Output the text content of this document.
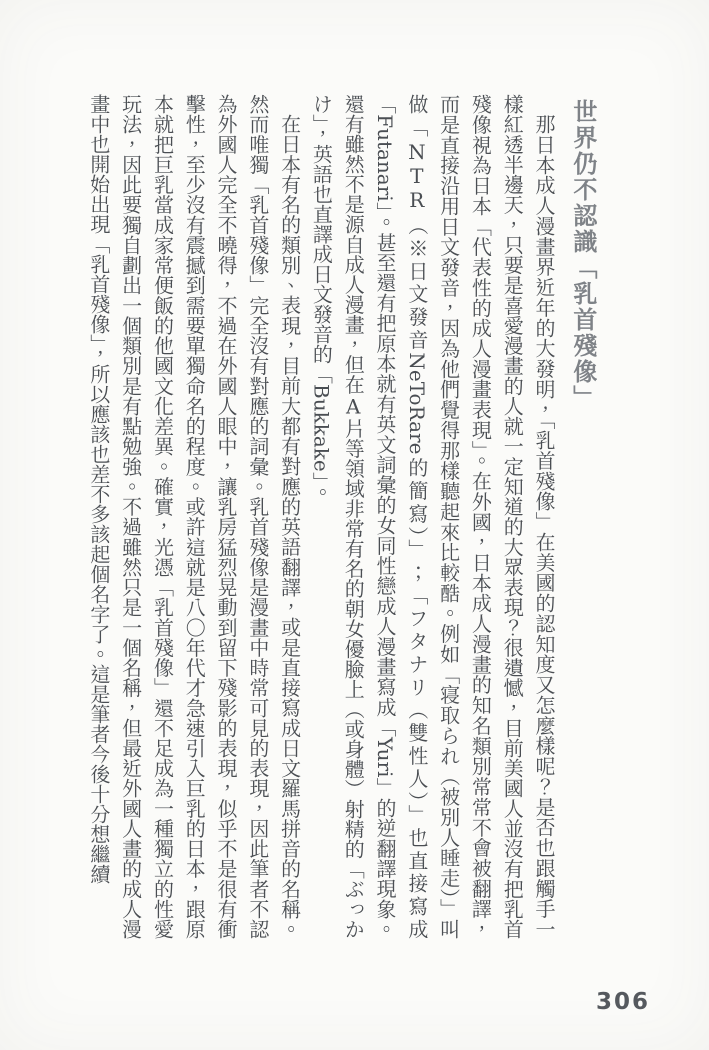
世界仍不認識「乳首殘像」

那日本成人漫畫界近年的大發明，「乳首殘像」在美國的認知度又怎麼樣呢？是否也跟觸手一樣紅透半邊天，只要是喜愛漫畫的人就一定知道的大眾表現？很遺憾，目前美國人並沒有把乳首殘像視為日本「代表性的成人漫畫表現」。在外國，日本成人漫畫的知名類別常常不會被翻譯，而是直接沿用日文發音，因為他們覺得那樣聽起來比較酷。例如「寝取られ（被別人睡走）」叫做「NTR（※日文發音NeToRare的簡寫）」；「フタナリ（雙性人）」也直接寫成「Futanari」。甚至還有把原本就有英文詞彙的女同性戀成人漫畫寫成「Yuri」的逆翻譯現象。還有雖然不是源自成人漫畫，但在A片等領域非常有名的朝女優臉上（或身體）射精的「ぶっかけ」，英語也直譯成日文發音的「Bukkake」。

在日本有名的類別、表現，目前大都有對應的英語翻譯，或是直接寫成日文羅馬拼音的名稱。然而唯獨「乳首殘像」完全沒有對應的詞彙。乳首殘像是漫畫中時常可見的表現，因此筆者不認為外國人完全不曉得，不過在外國人眼中，讓乳房猛烈晃動到留下殘影的表現，似乎不是很有衝擊性，至少沒有震撼到需要單獨命名的程度。或許這就是八〇年代才急速引入巨乳的日本，跟原本就把巨乳當成家常便飯的他國文化差異。確實，光憑「乳首殘像」還不足成為一種獨立的性愛玩法，因此要獨自劃出一個類別是有點勉強。不過雖然只是一個名稱，但最近外國人畫的成人漫畫中也開始出現「乳首殘像」，所以應該也差不多該起個名字了。這是筆者今後十分想繼續

306
